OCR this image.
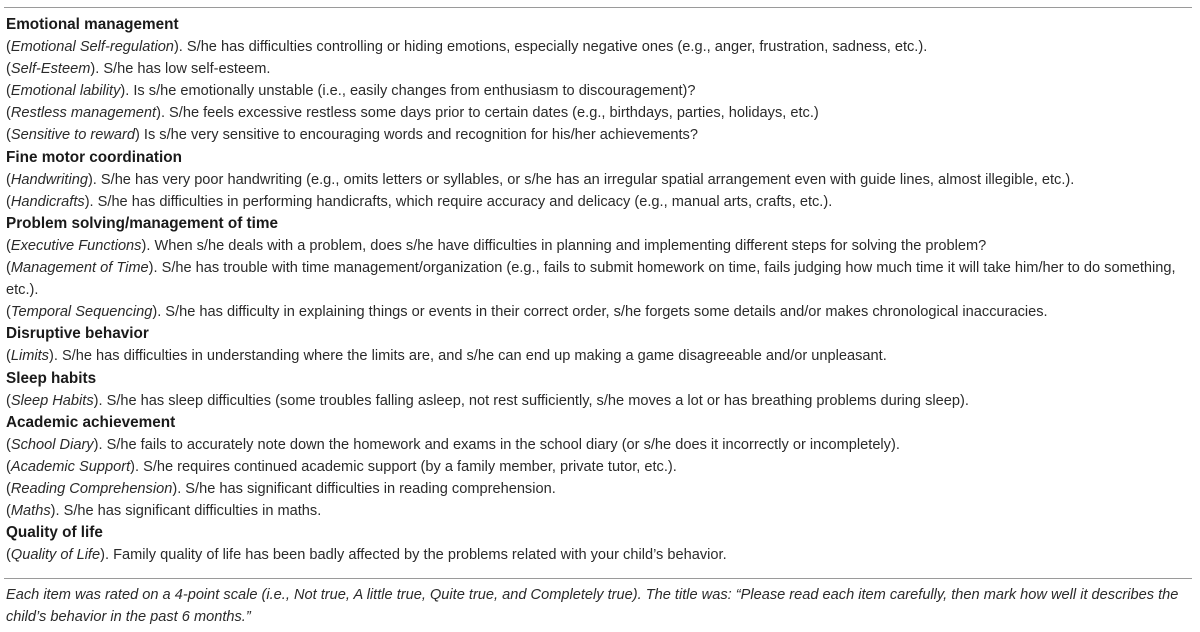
Emotional management
(Emotional Self-regulation). S/he has difficulties controlling or hiding emotions, especially negative ones (e.g., anger, frustration, sadness, etc.).
(Self-Esteem). S/he has low self-esteem.
(Emotional lability). Is s/he emotionally unstable (i.e., easily changes from enthusiasm to discouragement)?
(Restless management). S/he feels excessive restless some days prior to certain dates (e.g., birthdays, parties, holidays, etc.)
(Sensitive to reward) Is s/he very sensitive to encouraging words and recognition for his/her achievements?
Fine motor coordination
(Handwriting). S/he has very poor handwriting (e.g., omits letters or syllables, or s/he has an irregular spatial arrangement even with guide lines, almost illegible, etc.).
(Handicrafts). S/he has difficulties in performing handicrafts, which require accuracy and delicacy (e.g., manual arts, crafts, etc.).
Problem solving/management of time
(Executive Functions). When s/he deals with a problem, does s/he have difficulties in planning and implementing different steps for solving the problem?
(Management of Time). S/he has trouble with time management/organization (e.g., fails to submit homework on time, fails judging how much time it will take him/her to do something, etc.).
(Temporal Sequencing). S/he has difficulty in explaining things or events in their correct order, s/he forgets some details and/or makes chronological inaccuracies.
Disruptive behavior
(Limits). S/he has difficulties in understanding where the limits are, and s/he can end up making a game disagreeable and/or unpleasant.
Sleep habits
(Sleep Habits). S/he has sleep difficulties (some troubles falling asleep, not rest sufficiently, s/he moves a lot or has breathing problems during sleep).
Academic achievement
(School Diary). S/he fails to accurately note down the homework and exams in the school diary (or s/he does it incorrectly or incompletely).
(Academic Support). S/he requires continued academic support (by a family member, private tutor, etc.).
(Reading Comprehension). S/he has significant difficulties in reading comprehension.
(Maths). S/he has significant difficulties in maths.
Quality of life
(Quality of Life). Family quality of life has been badly affected by the problems related with your child’s behavior.
Each item was rated on a 4-point scale (i.e., Not true, A little true, Quite true, and Completely true). The title was: “Please read each item carefully, then mark how well it describes the child’s behavior in the past 6 months.”
